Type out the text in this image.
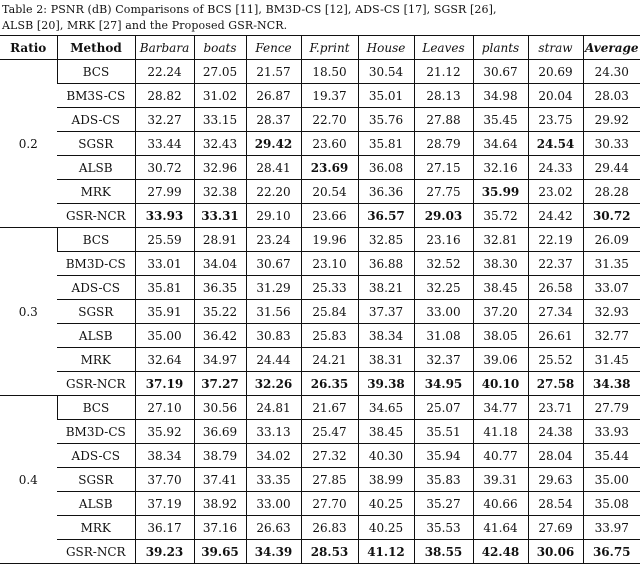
Table 2: PSNR (dB) Comparisons of BCS [11], BM3D-CS [12], ADS-CS [17], SGSR [26],
ALSB [20], MRK [27] and the Proposed GSR-NCR.
Ratio	Method	Barbara	boats	Fence	F.print	House	Leaves	plants	straw	Average
0.2	BCS	22.24	27.05	21.57	18.50	30.54	21.12	30.67	20.69	24.30
	BM3S-CS	28.82	31.02	26.87	19.37	35.01	28.13	34.98	20.04	28.03
	ADS-CS	32.27	33.15	28.37	22.70	35.76	27.88	35.45	23.75	29.92
	SGSR	33.44	32.43	29.42	23.60	35.81	28.79	34.64	24.54	30.33
	ALSB	30.72	32.96	28.41	23.69	36.08	27.15	32.16	24.33	29.44
	MRK	27.99	32.38	22.20	20.54	36.36	27.75	35.99	23.02	28.28
	GSR-NCR	33.93	33.31	29.10	23.66	36.57	29.03	35.72	24.42	30.72
0.3	BCS	25.59	28.91	23.24	19.96	32.85	23.16	32.81	22.19	26.09
	BM3D-CS	33.01	34.04	30.67	23.10	36.88	32.52	38.30	22.37	31.35
	ADS-CS	35.81	36.35	31.29	25.33	38.21	32.25	38.45	26.58	33.07
	SGSR	35.91	35.22	31.56	25.84	37.37	33.00	37.20	27.34	32.93
	ALSB	35.00	36.42	30.83	25.83	38.34	31.08	38.05	26.61	32.77
	MRK	32.64	34.97	24.44	24.21	38.31	32.37	39.06	25.52	31.45
	GSR-NCR	37.19	37.27	32.26	26.35	39.38	34.95	40.10	27.58	34.38
0.4	BCS	27.10	30.56	24.81	21.67	34.65	25.07	34.77	23.71	27.79
	BM3D-CS	35.92	36.69	33.13	25.47	38.45	35.51	41.18	24.38	33.93
	ADS-CS	38.34	38.79	34.02	27.32	40.30	35.94	40.77	28.04	35.44
	SGSR	37.70	37.41	33.35	27.85	38.99	35.83	39.31	29.63	35.00
	ALSB	37.19	38.92	33.00	27.70	40.25	35.27	40.66	28.54	35.08
	MRK	36.17	37.16	26.63	26.83	40.25	35.53	41.64	27.69	33.97
	GSR-NCR	39.23	39.65	34.39	28.53	41.12	38.55	42.48	30.06	36.75
